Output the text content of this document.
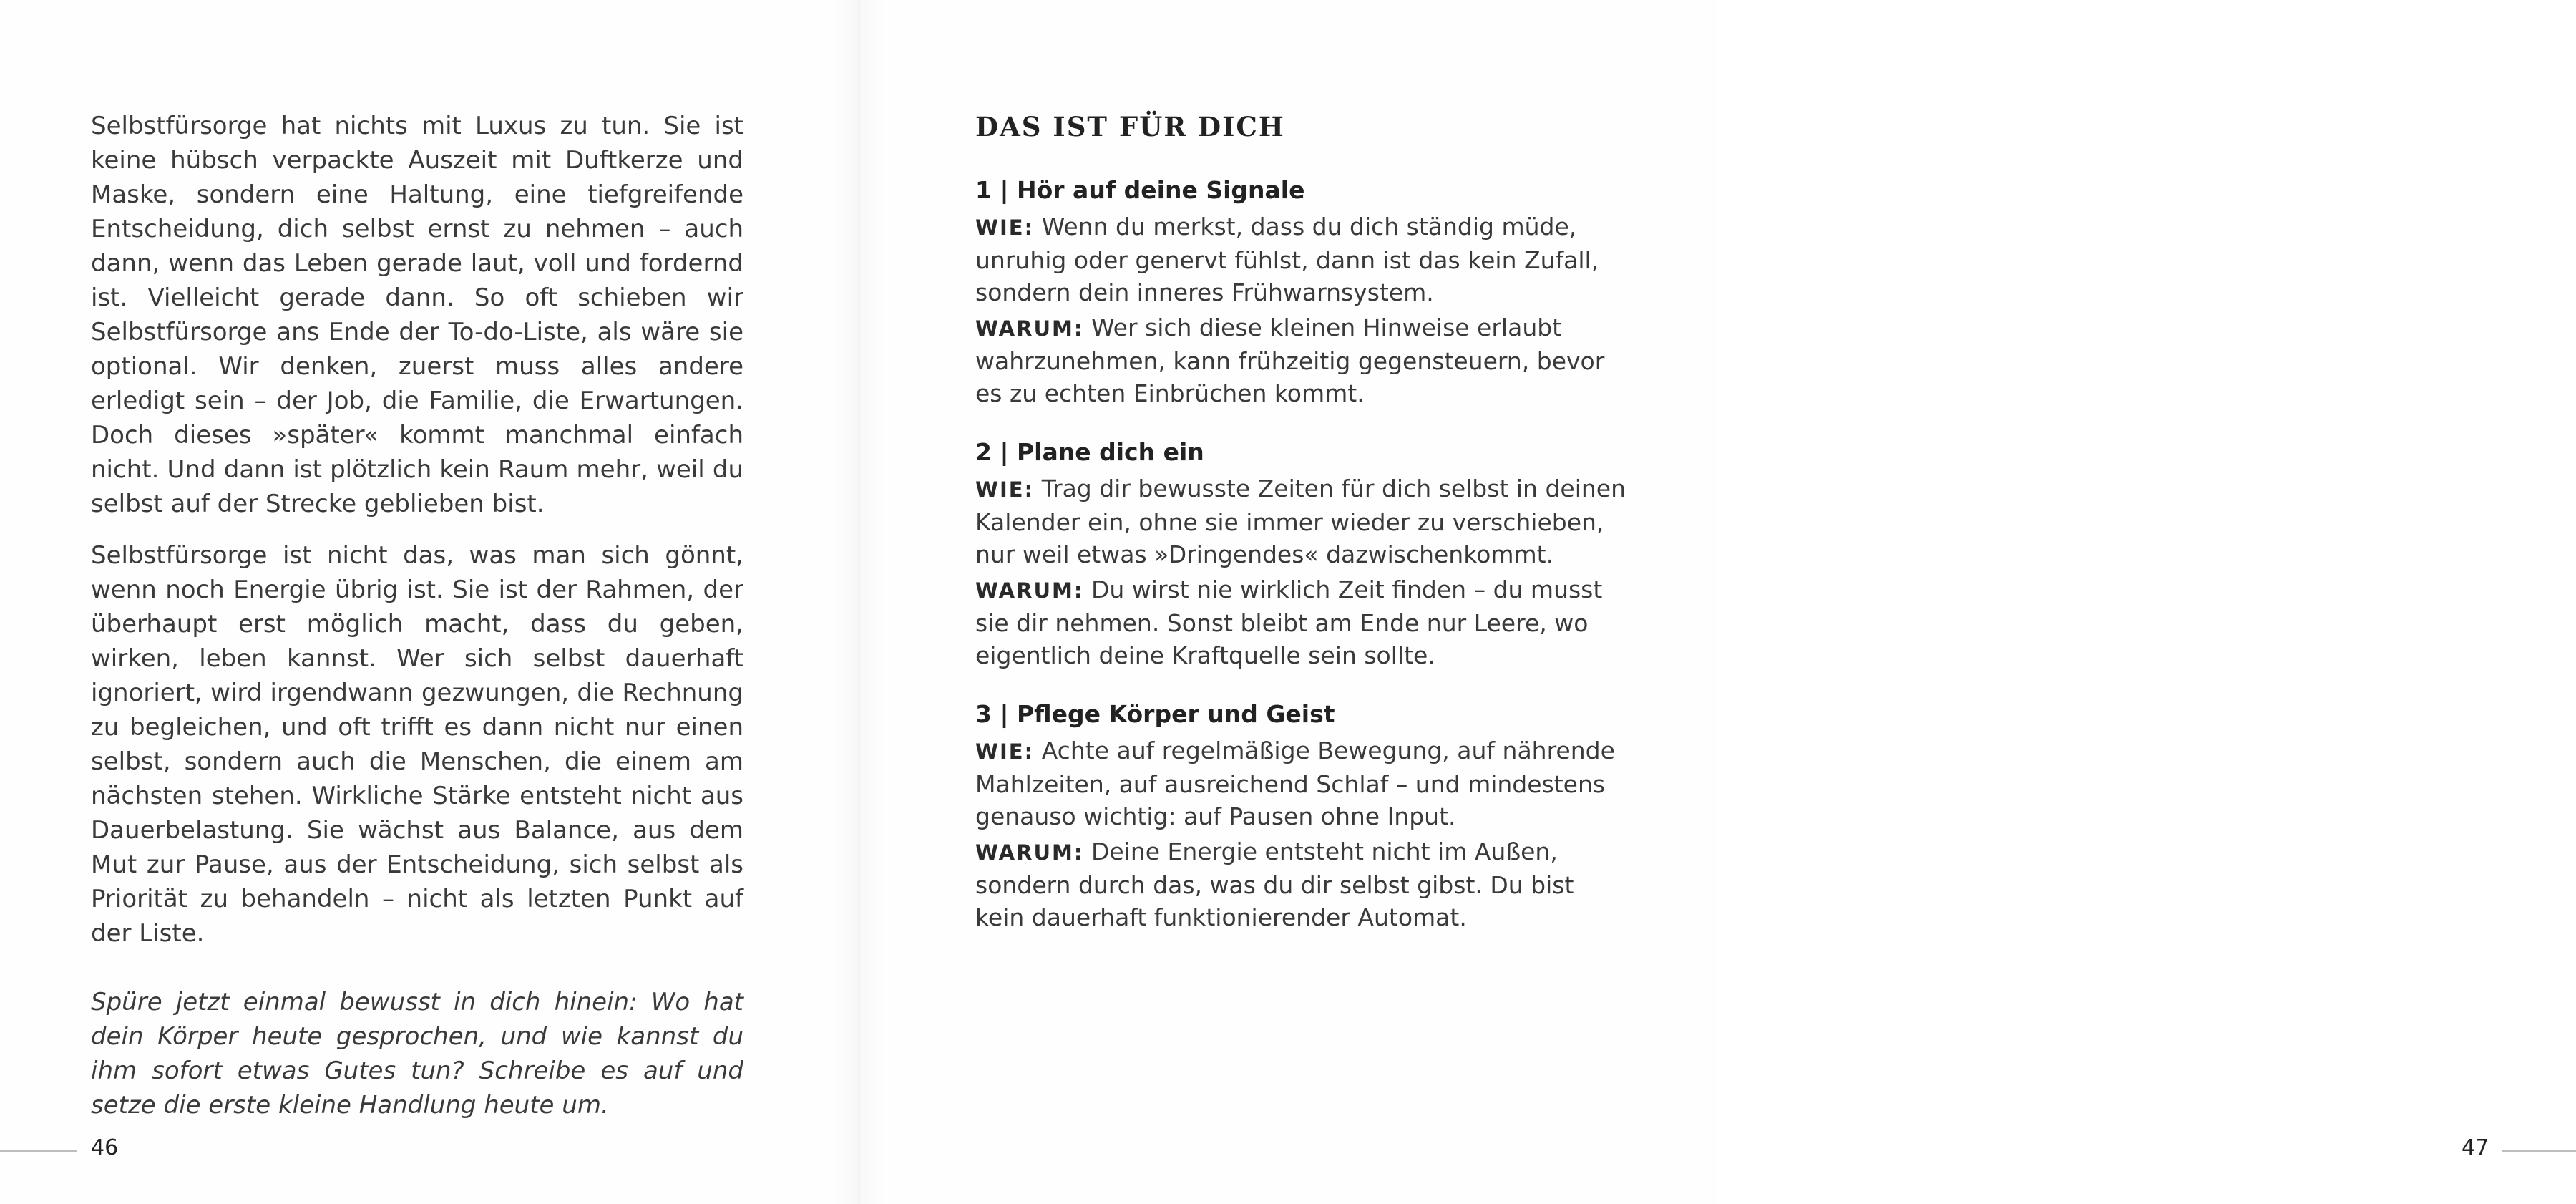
Selbstfürsorge hat nichts mit Luxus zu tun. Sie ist keine hübsch verpackte Auszeit mit Duftkerze und Maske, sondern eine Haltung, eine tiefgreifende Entscheidung, dich selbst ernst zu nehmen – auch dann, wenn das Leben gerade laut, voll und fordernd ist. Vielleicht gerade dann. So oft schieben wir Selbstfürsorge ans Ende der To-do-Liste, als wäre sie optional. Wir denken, zuerst muss alles andere erledigt sein – der Job, die Familie, die Erwartungen. Doch dieses »später« kommt manchmal einfach nicht. Und dann ist plötzlich kein Raum mehr, weil du selbst auf der Strecke geblieben bist.

Selbstfürsorge ist nicht das, was man sich gönnt, wenn noch Energie übrig ist. Sie ist der Rahmen, der überhaupt erst möglich macht, dass du geben, wirken, leben kannst. Wer sich selbst dauerhaft ignoriert, wird irgendwann gezwungen, die Rechnung zu begleichen, und oft trifft es dann nicht nur einen selbst, sondern auch die Menschen, die einem am nächsten stehen. Wirkliche Stärke entsteht nicht aus Dauerbelastung. Sie wächst aus Balance, aus dem Mut zur Pause, aus der Entscheidung, sich selbst als Priorität zu behandeln – nicht als letzten Punkt auf der Liste.

Spüre jetzt einmal bewusst in dich hinein: Wo hat dein Körper heute gesprochen, und wie kannst du ihm sofort etwas Gutes tun? Schreibe es auf und setze die erste kleine Handlung heute um.

46	47
DAS IST FÜR DICH
1 | Hör auf deine Signale
WIE: Wenn du merkst, dass du dich ständig müde, unruhig oder genervt fühlst, dann ist das kein Zufall, sondern dein inneres Frühwarnsystem.
WARUM: Wer sich diese kleinen Hinweise erlaubt wahrzunehmen, kann frühzeitig gegensteuern, bevor es zu echten Einbrüchen kommt.
2 | Plane dich ein
WIE: Trag dir bewusste Zeiten für dich selbst in deinen Kalender ein, ohne sie immer wieder zu verschieben, nur weil etwas »Dringendes« dazwischenkommt.
WARUM: Du wirst nie wirklich Zeit finden – du musst sie dir nehmen. Sonst bleibt am Ende nur Leere, wo eigentlich deine Kraftquelle sein sollte.
3 | Pflege Körper und Geist
WIE: Achte auf regelmäßige Bewegung, auf nährende Mahlzeiten, auf ausreichend Schlaf – und mindestens genauso wichtig: auf Pausen ohne Input.
WARUM: Deine Energie entsteht nicht im Außen, sondern durch das, was du dir selbst gibst. Du bist kein dauerhaft funktionierender Automat.
